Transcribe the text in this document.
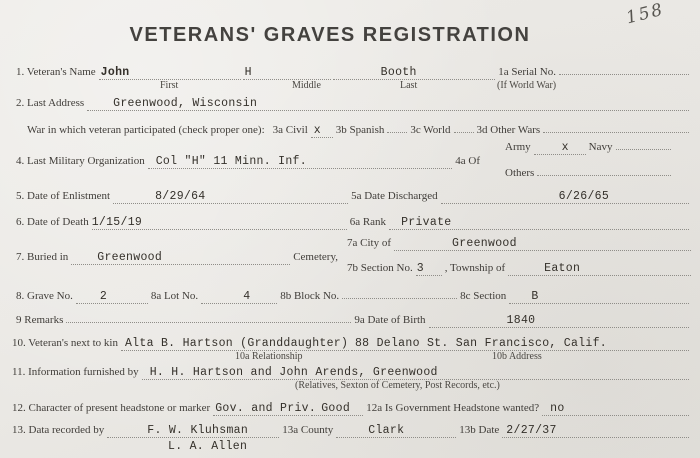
158
VETERANS' GRAVES REGISTRATION
1. Veteran's Name John	H	Booth	1a Serial No.
First	Middle	Last	(If World War)
2. Last Address	Greenwood, Wisconsin
War in which veteran participated (check proper one): 3a Civil x	3b Spanish 3c World 3d Other Wars
4. Last Military Organization Col "H" 11 Minn. Inf.	4a Of
Army	x	Navy
Others
5. Date of Enlistment	8/29/64	5a Date Discharged	6/26/65
6. Date of Death 1/15/19	6a Rank	Private
7. Buried in	Greenwood	Cemetery,
7a City of	Greenwood
7b Section No. 3	, Township of	Eaton
8. Grave No.	2	8a Lot No.	4	8b Block No.	8c Section	B
9 Remarks	9a Date of Birth	1840
10. Veteran's next to kin Alta B. Hartson (Granddaughter) 88 Delano St. San Francisco, Calif.
10a Relationship	10b Address
11. Information furnished by H. H. Hartson and John Arends, Greenwood
(Relatives, Sexton of Cemetery, Post Records, etc.)
12. Character of present headstone or marker Gov. and Priv. Good	12a Is Government Headstone wanted? no
13. Data recorded by	F. W. Kluhsman	13a County	Clark	13b Date 2/27/37
L. A. Allen
